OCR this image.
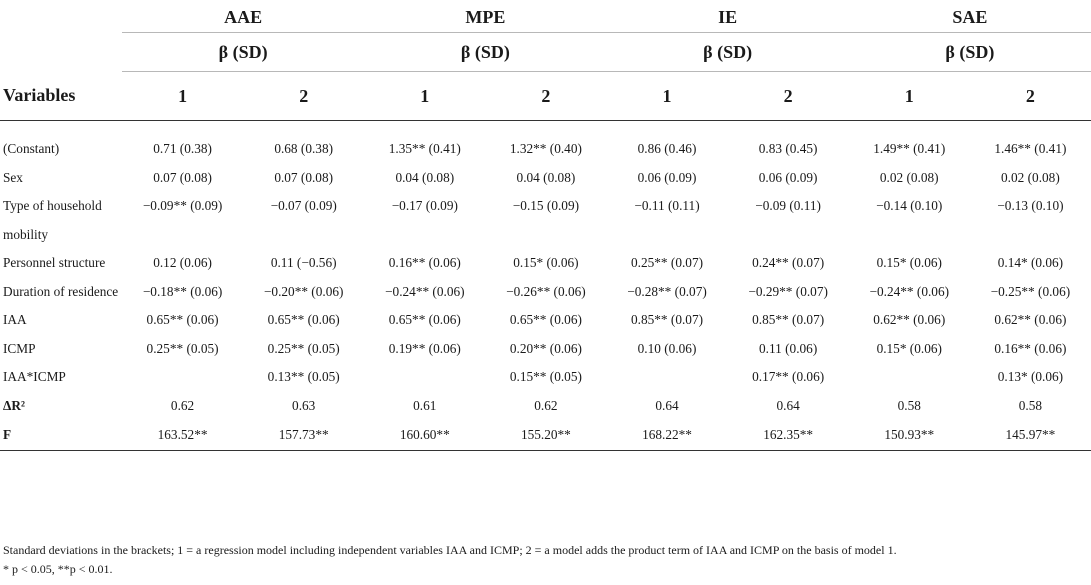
	AAE		MPE		IE		SAE	
	β (SD)		β (SD)		β (SD)		β (SD)	
Variables	1	2	1	2	1	2	1	2

(Constant)	0.71 (0.38)	0.68 (0.38)	1.35** (0.41)	1.32** (0.40)	0.86 (0.46)	0.83 (0.45)	1.49** (0.41)	1.46** (0.41)
Sex	0.07 (0.08)	0.07 (0.08)	0.04 (0.08)	0.04 (0.08)	0.06 (0.09)	0.06 (0.09)	0.02 (0.08)	0.02 (0.08)
Type of household mobility	−0.09** (0.09)	−0.07 (0.09)	−0.17 (0.09)	−0.15 (0.09)	−0.11 (0.11)	−0.09 (0.11)	−0.14 (0.10)	−0.13 (0.10)
Personnel structure	0.12 (0.06)	0.11 (−0.56)	0.16** (0.06)	0.15* (0.06)	0.25** (0.07)	0.24** (0.07)	0.15* (0.06)	0.14* (0.06)
Duration of residence	−0.18** (0.06)	−0.20** (0.06)	−0.24** (0.06)	−0.26** (0.06)	−0.28** (0.07)	−0.29** (0.07)	−0.24** (0.06)	−0.25** (0.06)
IAA	0.65** (0.06)	0.65** (0.06)	0.65** (0.06)	0.65** (0.06)	0.85** (0.07)	0.85** (0.07)	0.62** (0.06)	0.62** (0.06)
ICMP	0.25** (0.05)	0.25** (0.05)	0.19** (0.06)	0.20** (0.06)	0.10 (0.06)	0.11 (0.06)	0.15* (0.06)	0.16** (0.06)
IAA*ICMP		0.13** (0.05)		0.15** (0.05)		0.17** (0.06)		0.13* (0.06)
ΔR²	0.62	0.63	0.61	0.62	0.64	0.64	0.58	0.58
F	163.52**	157.73**	160.60**	155.20**	168.22**	162.35**	150.93**	145.97**
Standard deviations in the brackets; 1 = a regression model including independent variables IAA and ICMP; 2 = a model adds the product term of IAA and ICMP on the basis of model 1.
* p < 0.05, **p < 0.01.
